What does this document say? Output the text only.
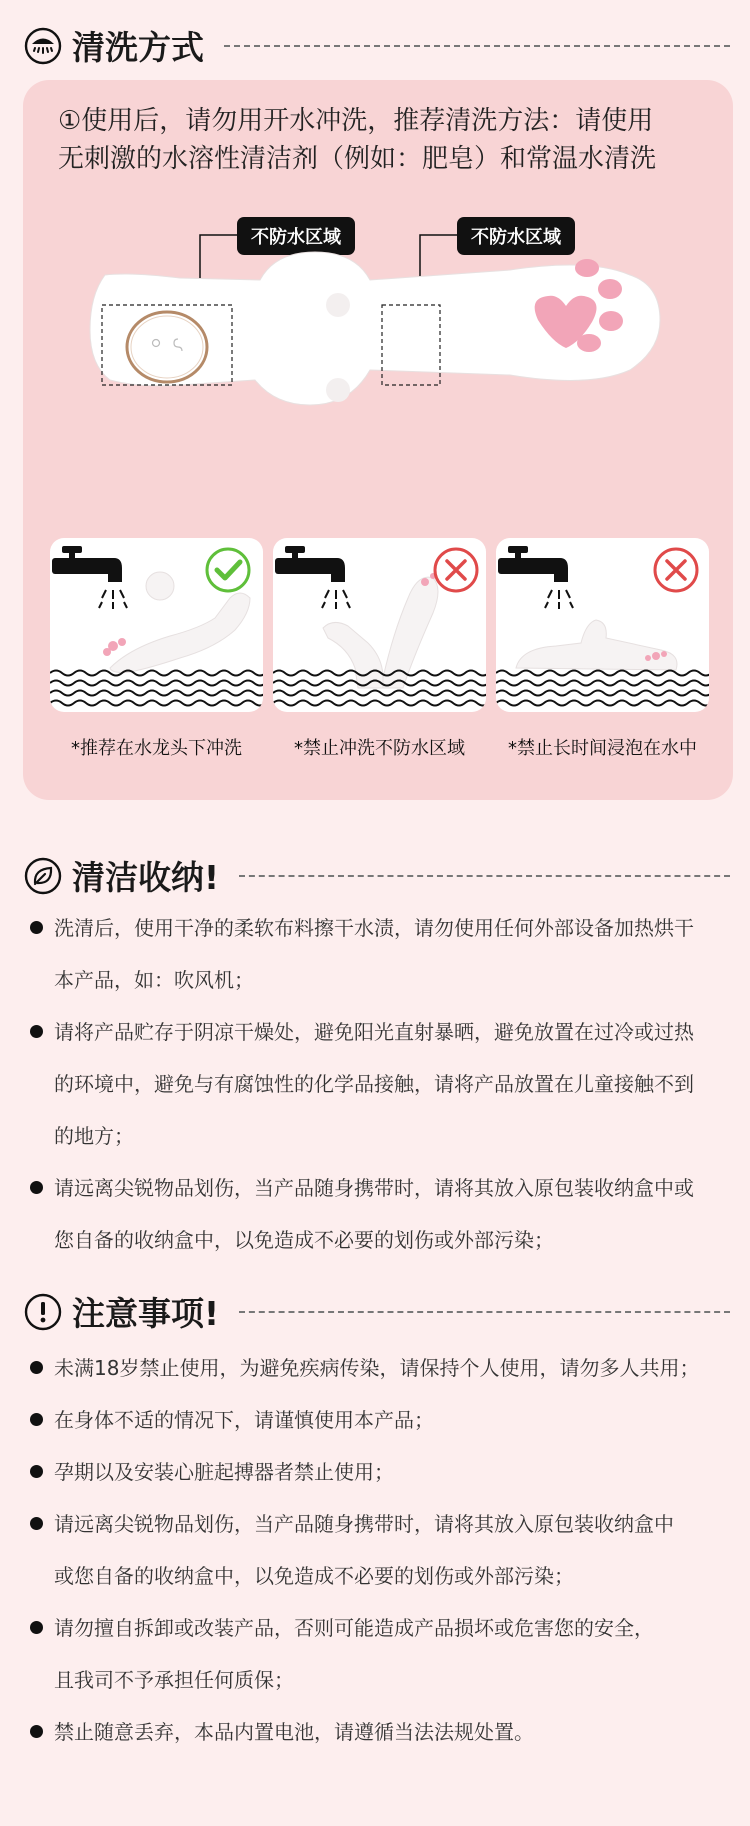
清洗方式
①使用后，请勿用开水冲洗，推荐清洗方法：请使用
无刺激的水溶性清洁剂（例如：肥皂）和常温水清洗
不防水区域	不防水区域
*推荐在水龙头下冲洗	*禁止冲洗不防水区域	*禁止长时间浸泡在水中
清洁收纳!
洗清后，使用干净的柔软布料擦干水渍，请勿使用任何外部设备加热烘干
本产品，如：吹风机；
请将产品贮存于阴凉干燥处，避免阳光直射暴晒，避免放置在过冷或过热
的环境中，避免与有腐蚀性的化学品接触，请将产品放置在儿童接触不到
的地方；
请远离尖锐物品划伤，当产品随身携带时，请将其放入原包装收纳盒中或
您自备的收纳盒中，以免造成不必要的划伤或外部污染；
注意事项!
未满18岁禁止使用，为避免疾病传染，请保持个人使用，请勿多人共用；
在身体不适的情况下，请谨慎使用本产品；
孕期以及安装心脏起搏器者禁止使用；
请远离尖锐物品划伤，当产品随身携带时，请将其放入原包装收纳盒中
或您自备的收纳盒中，以免造成不必要的划伤或外部污染；
请勿擅自拆卸或改装产品，否则可能造成产品损坏或危害您的安全，
且我司不予承担任何质保；
禁止随意丢弃，本品内置电池，请遵循当法法规处置。
